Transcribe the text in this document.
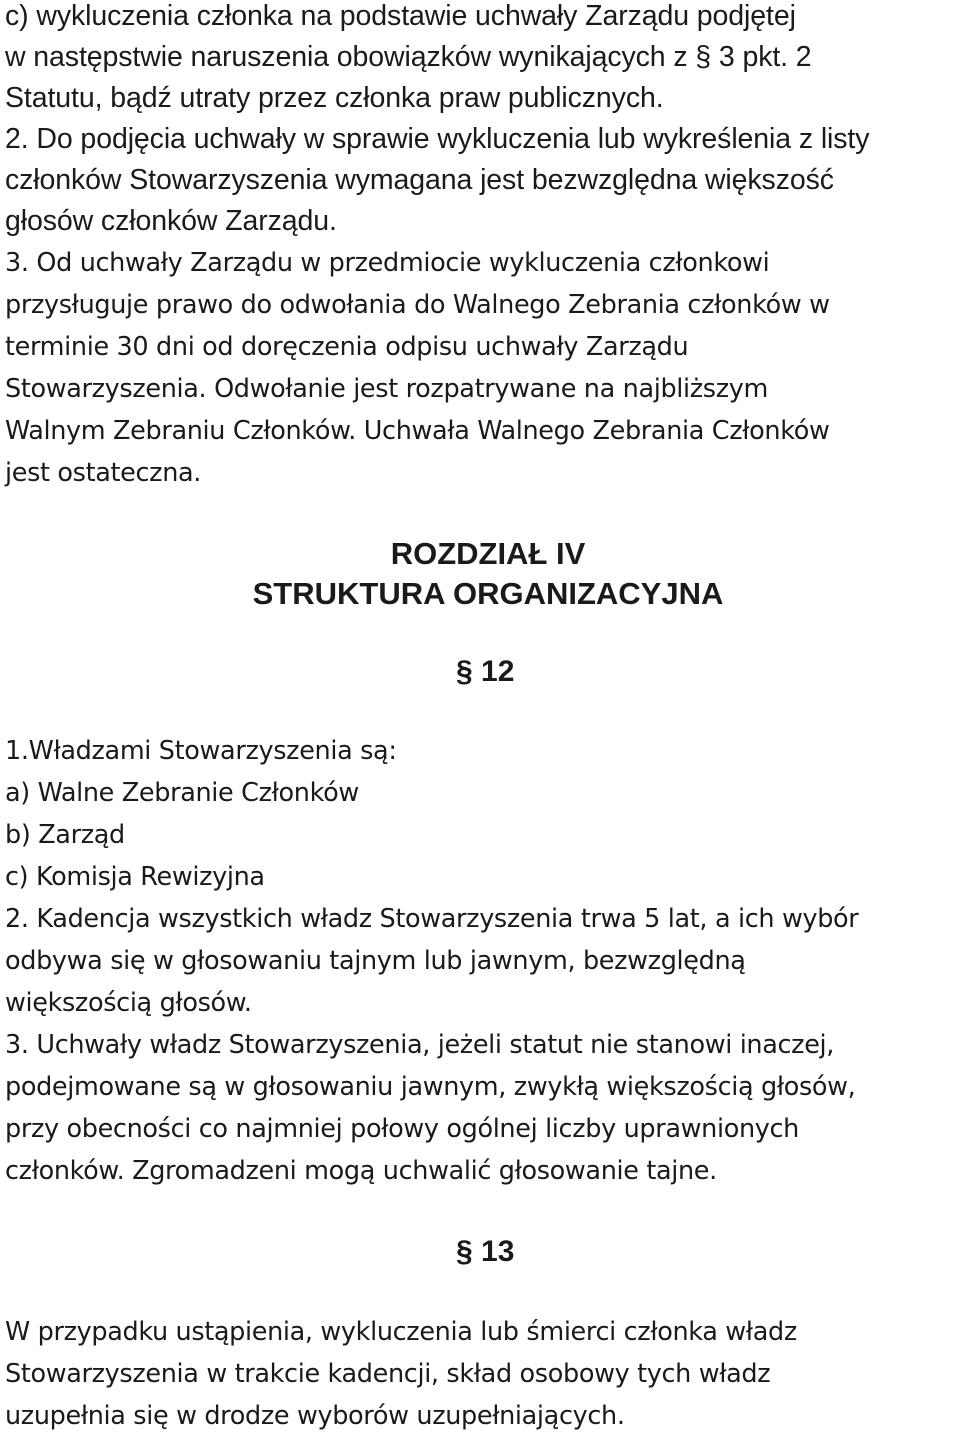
c) wykluczenia członka na podstawie uchwały Zarządu podjętej

w następstwie naruszenia obowiązków wynikających z § 3 pkt. 2

Statutu, bądź utraty przez członka praw publicznych.

2. Do podjęcia uchwały w sprawie wykluczenia lub wykreślenia z listy

członków Stowarzyszenia wymagana jest bezwzględna większość

głosów członków Zarządu.

3. Od uchwały Zarządu w przedmiocie wykluczenia członkowi

przysługuje prawo do odwołania do Walnego Zebrania członków w

terminie 30 dni od doręczenia odpisu uchwały Zarządu

Stowarzyszenia. Odwołanie jest rozpatrywane na najbliższym

Walnym Zebraniu Członków. Uchwała Walnego Zebrania Członków

jest ostateczna.

ROZDZIAŁ IV
STRUKTURA ORGANIZACYJNA
§ 12

1.Władzami Stowarzyszenia są:

a) Walne Zebranie Członków

b) Zarząd

c) Komisja Rewizyjna

2. Kadencja wszystkich władz Stowarzyszenia trwa 5 lat, a ich wybór

odbywa się w głosowaniu tajnym lub jawnym, bezwzględną

większością głosów.

3. Uchwały władz Stowarzyszenia, jeżeli statut nie stanowi inaczej,

podejmowane są w głosowaniu jawnym, zwykłą większością głosów,

przy obecności co najmniej połowy ogólnej liczby uprawnionych

członków. Zgromadzeni mogą uchwalić głosowanie tajne.

§ 13

W przypadku ustąpienia, wykluczenia lub śmierci członka władz

Stowarzyszenia w trakcie kadencji, skład osobowy tych władz

uzupełnia się w drodze wyborów uzupełniających.
